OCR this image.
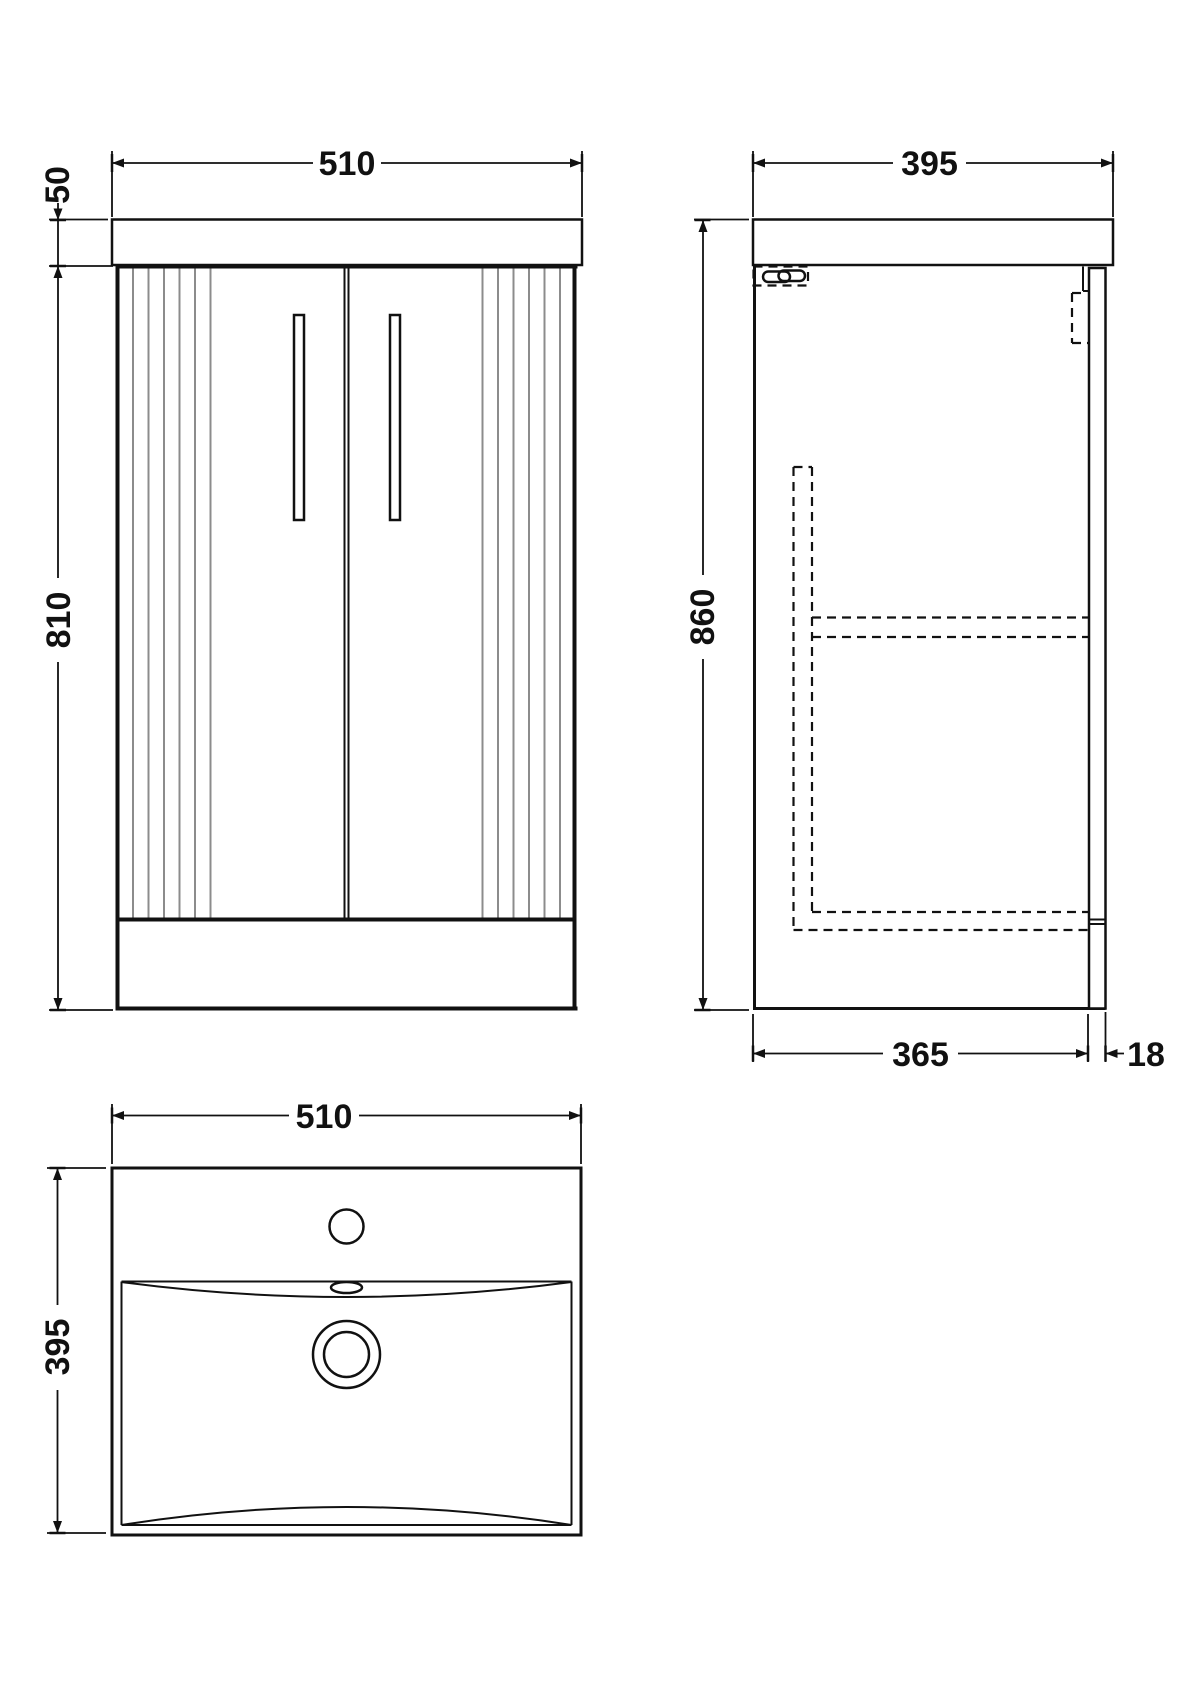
510
50
810
395
860
365	18
510
395
